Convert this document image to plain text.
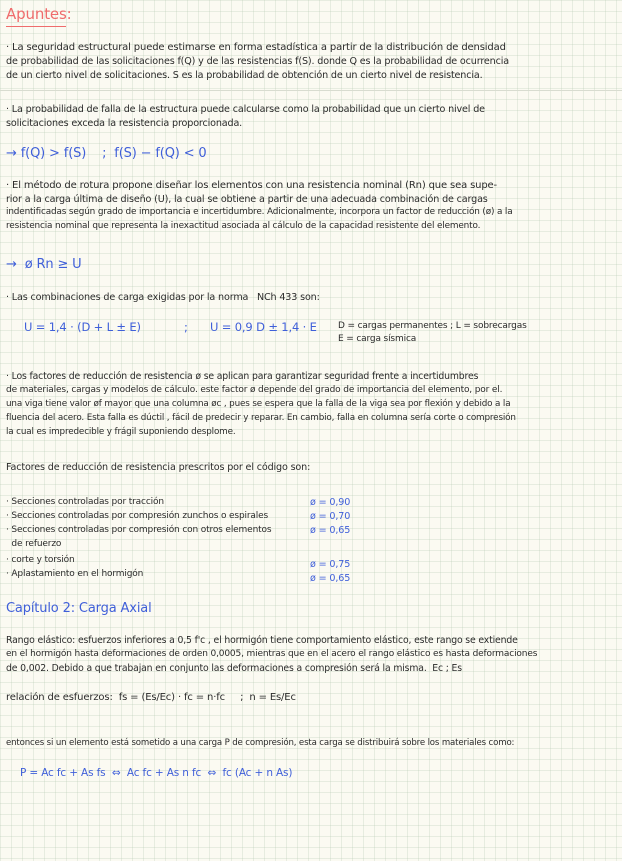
Apuntes:
· La seguridad estructural puede estimarse en forma estadística a partir de la distribución de densidad
de probabilidad de las solicitaciones f(Q) y de las resistencias f(S). donde Q es la probabilidad de ocurrencia
de un cierto nivel de solicitaciones. S es la probabilidad de obtención de un cierto nivel de resistencia.
· La probabilidad de falla de la estructura puede calcularse como la probabilidad que un cierto nivel de
solicitaciones exceda la resistencia proporcionada.
→ f(Q) > f(S)    ;  f(S) − f(Q) < 0
· El método de rotura propone diseñar los elementos con una resistencia nominal (Rn) que sea supe-
rior a la carga última de diseño (U), la cual se obtiene a partir de una adecuada combinación de cargas
indentificadas según grado de importancia e incertidumbre. Adicionalmente, incorpora un factor de reducción (ø) a la
resistencia nominal que representa la inexactitud asociada al cálculo de la capacidad resistente del elemento.
→  ø Rn ≥ U
· Las combinaciones de carga exigidas por la norma   NCh 433 son:
U = 1,4 · (D + L ± E)	; U = 0,9 D ± 1,4 · E D = cargas permanentes ; L = sobrecargas
E = carga sísmica
· Los factores de reducción de resistencia ø se aplican para garantizar seguridad frente a incertidumbres
de materiales, cargas y modelos de cálculo. este factor ø depende del grado de importancia del elemento, por el.
una viga tiene valor øf mayor que una columna øc , pues se espera que la falla de la viga sea por flexión y debido a la
fluencia del acero. Esta falla es dúctil , fácil de predecir y reparar. En cambio, falla en columna sería corte o compresión
la cual es impredecible y frágil suponiendo desplome.
Factores de reducción de resistencia prescritos por el código son:
· Secciones controladas por tracción	ø = 0,90
· Secciones controladas por compresión zunchos o espirales	ø = 0,70
· Secciones controladas por compresión con otros elementos	ø = 0,65
de refuerzo
· corte y torsión	ø = 0,75
· Aplastamiento en el hormigón	ø = 0,65
Capítulo 2: Carga Axial
Rango elástico: esfuerzos inferiores a 0,5 f'c , el hormigón tiene comportamiento elástico, este rango se extiende
en el hormigón hasta deformaciones de orden 0,0005, mientras que en el acero el rango elástico es hasta deformaciones
de 0,002. Debido a que trabajan en conjunto las deformaciones a compresión será la misma.  Ec ; Es
relación de esfuerzos:  fs = (Es/Ec) · fc = n·fc     ;  n = Es/Ec
entonces si un elemento está sometido a una carga P de compresión, esta carga se distribuirá sobre los materiales como:
P = Ac fc + As fs  ⇔  Ac fc + As n fc  ⇔  fc (Ac + n As)
